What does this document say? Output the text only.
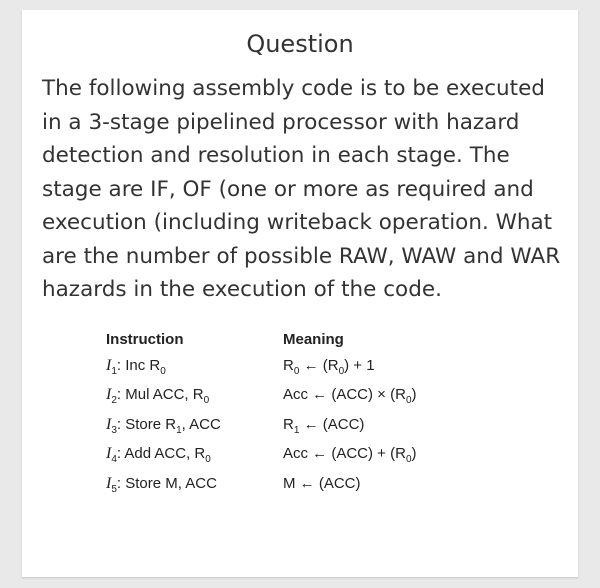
Question

The following assembly code is to be executed in a 3-stage pipelined processor with hazard detection and resolution in each stage. The stage are IF, OF (one or more as required and execution (including writeback operation. What are the number of possible RAW, WAW and WAR hazards in the execution of the code.

Instruction	Meaning
$I_1$: Inc $R_0$	$R_0$ ← $(R_0) + 1$
$I_2$: Mul ACC, $R_0$	Acc ← $(ACC) \times (R_0)$
$I_3$: Store $R_1$, ACC	$R_1$ ← (ACC)
$I_4$: Add ACC, $R_0$	Acc ← $(ACC) + (R_0)$
$I_5$: Store M, ACC	M ← (ACC)
